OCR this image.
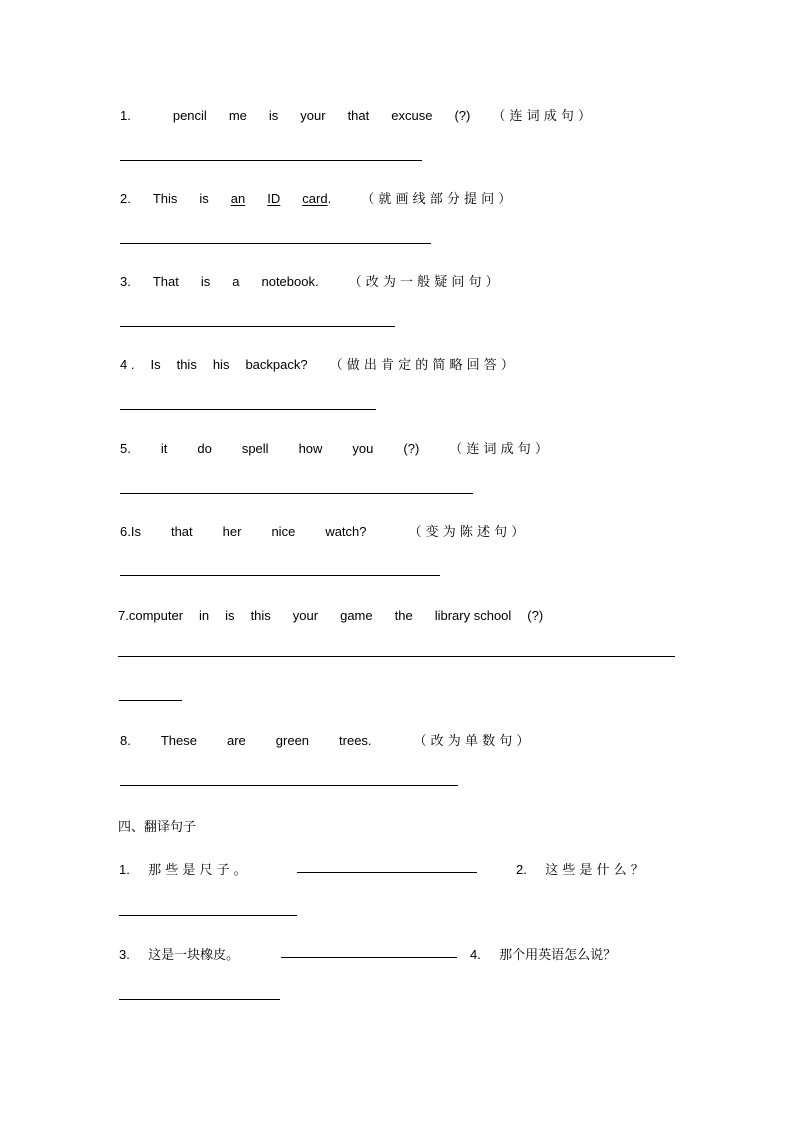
1.	pencil me is your that excuse (?) （ 连 词 成 句 ）
2. This is an ID card . （ 就 画 线 部 分 提 问 ）
3. That is a notebook. （ 改 为 一 般 疑 问 句 ）
4 . Is this his backpack? （ 做 出 肯 定 的 简 略 回 答 ）
5. it do spell how you (?) （ 连 词 成 句 ）
6.Is that her nice watch?	（ 变 为 陈 述 句 ）
7.computer in is this your game the library school (?)
8. These are green trees.	（ 改 为 单 数 句 ）
四、翻译句子
1. 那 些 是 尺 子 。	2. 这 些 是 什 么 ？
3. 这是一块橡皮。	4. 那个用英语怎么说？
